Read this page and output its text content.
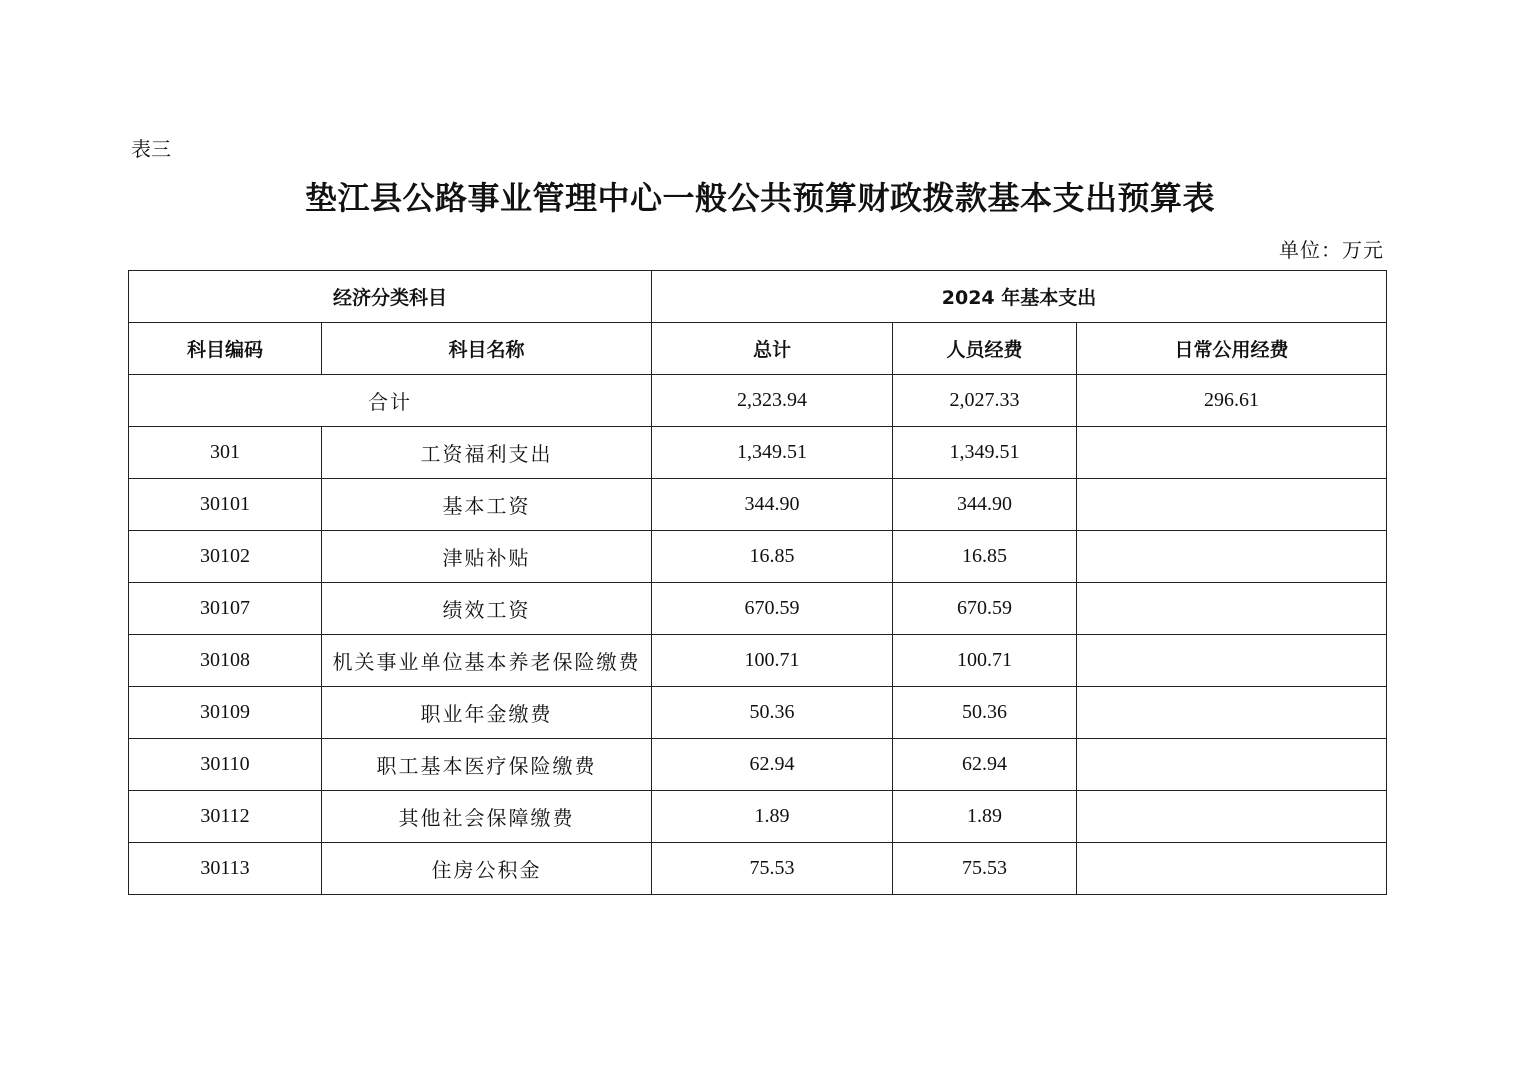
表三
垫江县公路事业管理中心一般公共预算财政拨款基本支出预算表
单位：万元
经济分类科目		2024 年基本支出		
科目编码	科目名称	总计	人员经费	日常公用经费
合计		2,323.94	2,027.33	296.61
301	工资福利支出	1,349.51	1,349.51	
30101	基本工资	344.90	344.90	
30102	津贴补贴	16.85	16.85	
30107	绩效工资	670.59	670.59	
30108	机关事业单位基本养老保险缴费	100.71	100.71	
30109	职业年金缴费	50.36	50.36	
30110	职工基本医疗保险缴费	62.94	62.94	
30112	其他社会保障缴费	1.89	1.89	
30113	住房公积金	75.53	75.53	
